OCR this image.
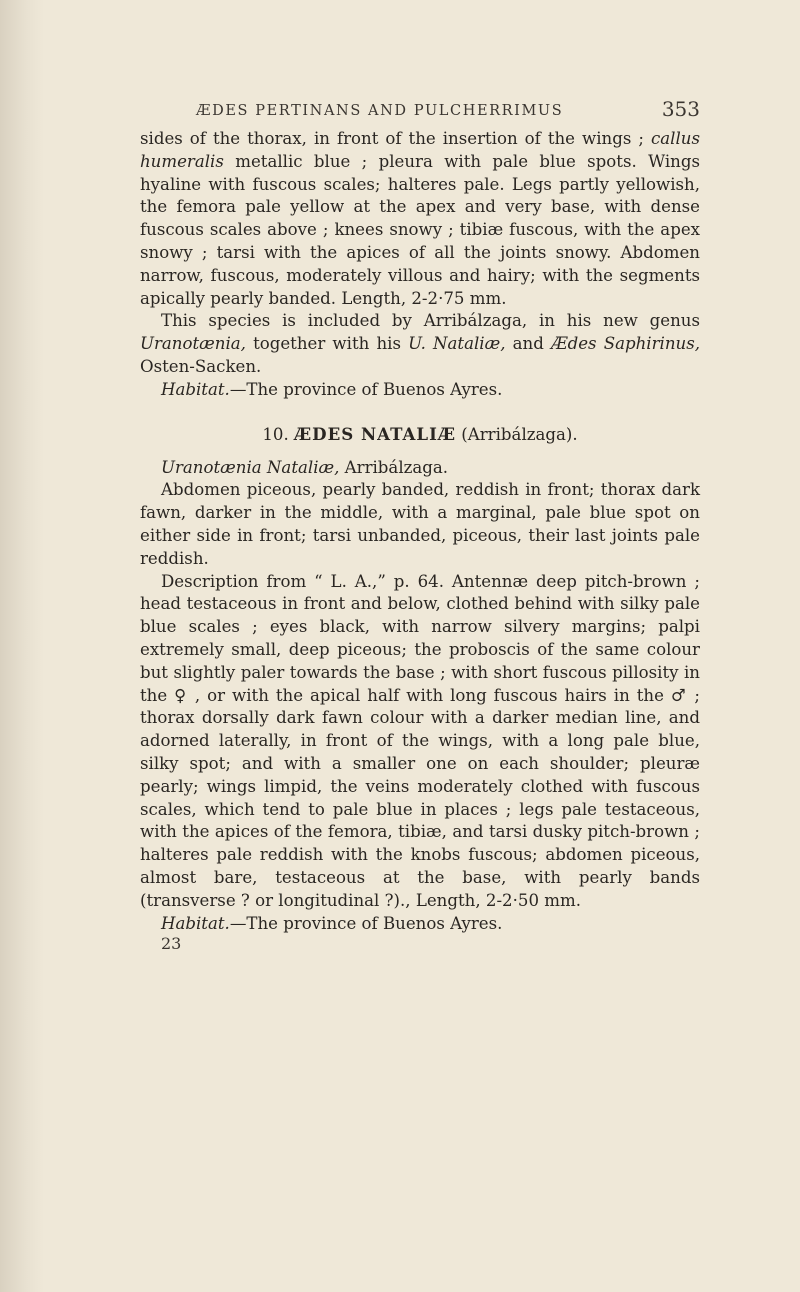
ÆDES PERTINANS AND PULCHERRIMUS	353

sides of the thorax, in front of the insertion of the wings ; callus humeralis metallic blue ; pleura with pale blue spots. Wings hyaline with fuscous scales; halteres pale. Legs partly yellowish, the femora pale yellow at the apex and very base, with dense fuscous scales above ; knees snowy ; tibiæ fuscous, with the apex snowy ; tarsi with the apices of all the joints snowy. Abdomen narrow, fuscous, moderately villous and hairy; with the segments apically pearly banded. Length, 2-2·75 mm.

This species is included by Arribálzaga, in his new genus Uranotænia, together with his U. Nataliæ, and Ædes Saphirinus, Osten-Sacken.

Habitat.—The province of Buenos Ayres.

10. ÆDES NATALIÆ (Arribálzaga).

Uranotænia Nataliæ, Arribálzaga.

Abdomen piceous, pearly banded, reddish in front; thorax dark fawn, darker in the middle, with a marginal, pale blue spot on either side in front; tarsi unbanded, piceous, their last joints pale reddish.

Description from “ L. A.,” p. 64. Antennæ deep pitch-brown ; head testaceous in front and below, clothed behind with silky pale blue scales ; eyes black, with narrow silvery margins; palpi extremely small, deep piceous; the proboscis of the same colour but slightly paler towards the base ; with short fuscous pillosity in the ♀ , or with the apical half with long fuscous hairs in the ♂ ; thorax dorsally dark fawn colour with a darker median line, and adorned laterally, in front of the wings, with a long pale blue, silky spot; and with a smaller one on each shoulder; pleuræ pearly; wings limpid, the veins moderately clothed with fuscous scales, which tend to pale blue in places ; legs pale testaceous, with the apices of the femora, tibiæ, and tarsi dusky pitch-brown ; halteres pale reddish with the knobs fuscous; abdomen piceous, almost bare, testaceous at the base, with pearly bands (transverse ? or longitudinal ?)., Length, 2-2·50 mm.

Habitat.—The province of Buenos Ayres.

23
